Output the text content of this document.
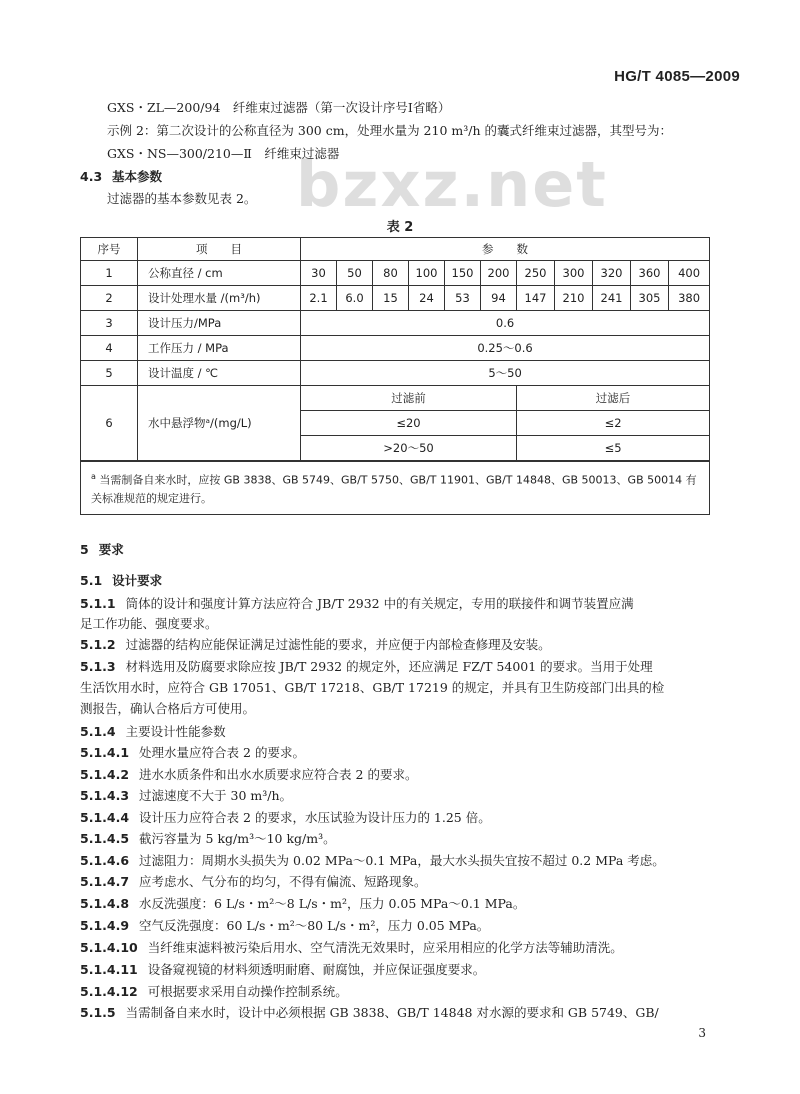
HG/T 4085—2009
bzxz.net
GXS・ZL—200/94　纤维束过滤器（第一次设计序号Ⅰ省略）
示例 2：第二次设计的公称直径为 300 cm，处理水量为 210 m³/h 的囊式纤维束过滤器，其型号为：
GXS・NS—300/210—Ⅱ　纤维束过滤器
4.3 基本参数
过滤器的基本参数见表 2。
表 2
序号	项　　目	参　　数										
1	公称直径 / cm	30	50	80	100	150	200	250	300	320	360	400
2	设计处理水量 /(m³/h)	2.1	6.0	15	24	53	94	147	210	241	305	380
3	设计压力/MPa	0.6										
4	工作压力 / MPa	0.25～0.6										
5	设计温度 / ℃	5～50										
6	水中悬浮物ᵃ/(mg/L)	过滤前						过滤后				
		≤20						≤2				
		>20～50						≤5				
$^a$ 当需制备自来水时，应按 GB 3838、GB 5749、GB/T 5750、GB/T 11901、GB/T 14848、GB 50013、GB 50014 有
关标准规范的规定进行。												
5 要求
5.1 设计要求
5.1.1 筒体的设计和强度计算方法应符合 JB/T 2932 中的有关规定，专用的联接件和调节装置应满
足工作功能、强度要求。
5.1.2 过滤器的结构应能保证满足过滤性能的要求，并应便于内部检查修理及安装。
5.1.3 材料选用及防腐要求除应按 JB/T 2932 的规定外，还应满足 FZ/T 54001 的要求。当用于处理
生活饮用水时，应符合 GB 17051、GB/T 17218、GB/T 17219 的规定，并具有卫生防疫部门出具的检
测报告，确认合格后方可使用。
5.1.4 主要设计性能参数
5.1.4.1 处理水量应符合表 2 的要求。
5.1.4.2 进水水质条件和出水水质要求应符合表 2 的要求。
5.1.4.3 过滤速度不大于 30 m³/h。
5.1.4.4 设计压力应符合表 2 的要求，水压试验为设计压力的 1.25 倍。
5.1.4.5 截污容量为 5 kg/m³～10 kg/m³。
5.1.4.6 过滤阻力：周期水头损失为 0.02 MPa～0.1 MPa，最大水头损失宜按不超过 0.2 MPa 考虑。
5.1.4.7 应考虑水、气分布的均匀，不得有偏流、短路现象。
5.1.4.8 水反洗强度：6 L/s・m²～8 L/s・m²，压力 0.05 MPa～0.1 MPa。
5.1.4.9 空气反洗强度：60 L/s・m²～80 L/s・m²，压力 0.05 MPa。
5.1.4.10 当纤维束滤料被污染后用水、空气清洗无效果时，应采用相应的化学方法等辅助清洗。
5.1.4.11 设备窥视镜的材料须透明耐磨、耐腐蚀，并应保证强度要求。
5.1.4.12 可根据要求采用自动操作控制系统。
5.1.5 当需制备自来水时，设计中必须根据 GB 3838、GB/T 14848 对水源的要求和 GB 5749、GB/
3
